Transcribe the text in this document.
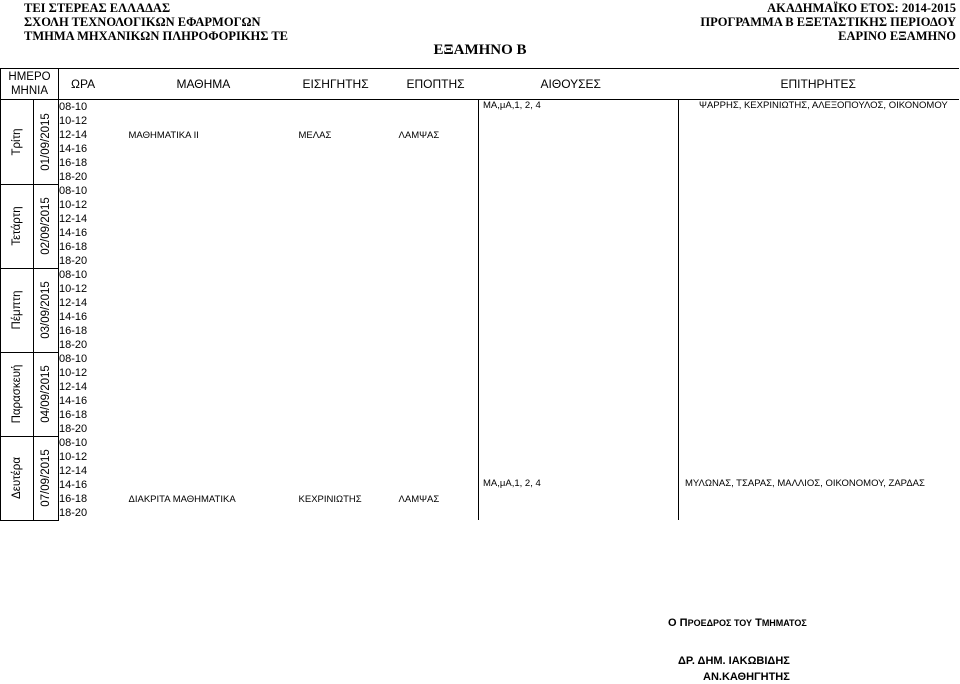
ΤΕΙ ΣΤΕΡΕΑΣ ΕΛΛΑΔΑΣ
ΣΧΟΛΗ ΤΕΧΝΟΛΟΓΙΚΩΝ ΕΦΑΡΜΟΓΩΝ
ΤΜΗΜΑ ΜΗΧΑΝΙΚΩΝ ΠΛΗΡΟΦΟΡΙΚΗΣ ΤΕ
ΑΚΑΔΗΜΑΪΚΟ ΕΤΟΣ: 2014-2015
ΠΡΟΓΡΑΜΜΑ Β ΕΞΕΤΑΣΤΙΚΗΣ ΠΕΡΙΟΔΟΥ
ΕΑΡΙΝΟ ΕΞΑΜΗΝΟ
ΕΞΑΜΗΝΟ Β
ΗΜΕΡΟ
ΜΗΝΙΑ		ΩΡΑ	ΜΑΘΗΜΑ	ΕΙΣΗΓΗΤΗΣ	ΕΠΟΠΤΗΣ	ΑΙΘΟΥΣΕΣ	ΕΠΙΤΗΡΗΤΕΣ

Τρίτη	01/09/2015	08-10				ΜΑ,μΑ,1, 2, 4	ΨΑΡΡΗΣ, ΚΕΧΡΙΝΙΩΤΗΣ, ΑΛΕΞΟΠΟΥΛΟΣ, ΟΙΚΟΝΟΜΟΥ
		10-12					
		12-14	ΜΑΘΗΜΑΤΙΚΑ ΙΙ	ΜΕΛΑΣ	ΛΑΜΨΑΣ		
		14-16					
		16-18					
		18-20					

Τετάρτη	02/09/2015	08-10					
		10-12					
		12-14					
		14-16					
		16-18					
		18-20					

Πέμπτη	03/09/2015	08-10					
		10-12					
		12-14					
		14-16					
		16-18					
		18-20					

Παρασκευή	04/09/2015	08-10					
		10-12					
		12-14					
		14-16					
		16-18					
		18-20					

Δευτέρα	07/09/2015	08-10					
		10-12					
		12-14					
		14-16				ΜΑ,μΑ,1, 2, 4	ΜΥΛΩΝΑΣ, ΤΣΑΡΑΣ, ΜΑΛΛΙΟΣ, ΟΙΚΟΝΟΜΟΥ, ΖΑΡΔΑΣ
		16-18	ΔΙΑΚΡΙΤΑ ΜΑΘΗΜΑΤΙΚΑ	ΚΕΧΡΙΝΙΩΤΗΣ	ΛΑΜΨΑΣ		
		18-20					
Ο ΠΡΟΕΔΡΟΣ ΤΟΥ ΤΜΗΜΑΤΟΣ
ΔΡ. ΔΗΜ. ΙΑΚΩΒΙΔΗΣ
ΑΝ.ΚΑΘΗΓΗΤΗΣ
